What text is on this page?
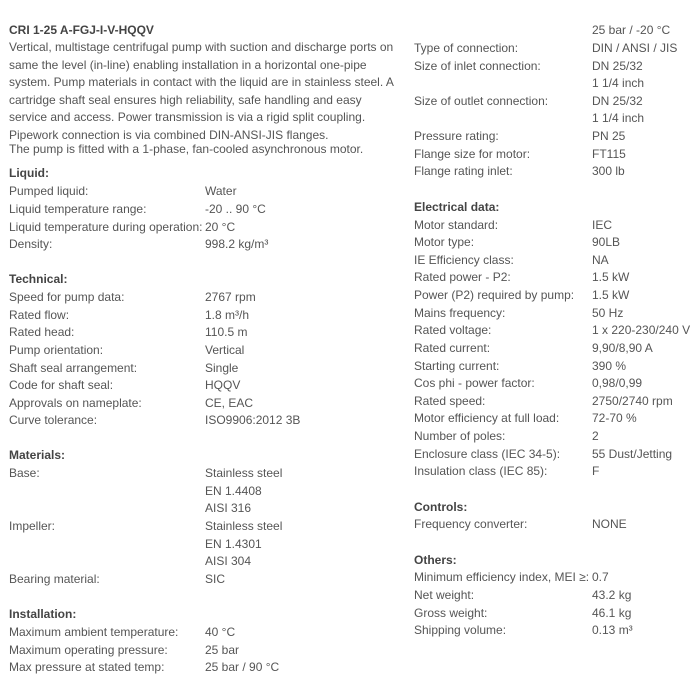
CRI 1-25 A-FGJ-I-V-HQQV
Vertical, multistage centrifugal pump with suction and discharge ports on same the level (in-line) enabling installation in a horizontal one-pipe system. Pump materials in contact with the liquid are in stainless steel. A cartridge shaft seal ensures high reliability, safe handling and easy service and access. Power transmission is via a rigid split coupling. Pipework connection is via combined DIN-ANSI-JIS flanges.
The pump is fitted with a 1-phase, fan-cooled asynchronous motor.
Liquid:
Pumped liquid:	Water
Liquid temperature range:	-20 .. 90 °C
Liquid temperature during operation: 20 °C
Density:	998.2 kg/m³
Technical:
Speed for pump data:	2767 rpm
Rated flow:	1.8 m³/h
Rated head:	110.5 m
Pump orientation:	Vertical
Shaft seal arrangement:	Single
Code for shaft seal:	HQQV
Approvals on nameplate:	CE, EAC
Curve tolerance:	ISO9906:2012 3B
Materials:
Base:	Stainless steel
EN 1.4408
AISI 316
Impeller:	Stainless steel
EN 1.4301
AISI 304
Bearing material:	SIC
Installation:
Maximum ambient temperature: 40 °C
Maximum operating pressure:	25 bar
Max pressure at stated temp:	25 bar / 90 °C
25 bar / -20 °C
Type of connection:	DIN / ANSI / JIS
Size of inlet connection:	DN 25/32
1 1/4 inch
Size of outlet connection:	DN 25/32
1 1/4 inch
Pressure rating:	PN 25
Flange size for motor:	FT115
Flange rating inlet:	300 lb
Electrical data:
Motor standard:	IEC
Motor type:	90LB
IE Efficiency class:	NA
Rated power - P2:	1.5 kW
Power (P2) required by pump: 1.5 kW
Mains frequency:	50 Hz
Rated voltage:	1 x 220-230/240 V
Rated current:	9,90/8,90 A
Starting current:	390 %
Cos phi - power factor:	0,98/0,99
Rated speed:	2750/2740 rpm
Motor efficiency at full load:	72-70 %
Number of poles:	2
Enclosure class (IEC 34-5):	55 Dust/Jetting
Insulation class (IEC 85):	F
Controls:
Frequency converter:	NONE
Others:
Minimum efficiency index, MEI ≥: 0.7
Net weight:	43.2 kg
Gross weight:	46.1 kg
Shipping volume:	0.13 m³
